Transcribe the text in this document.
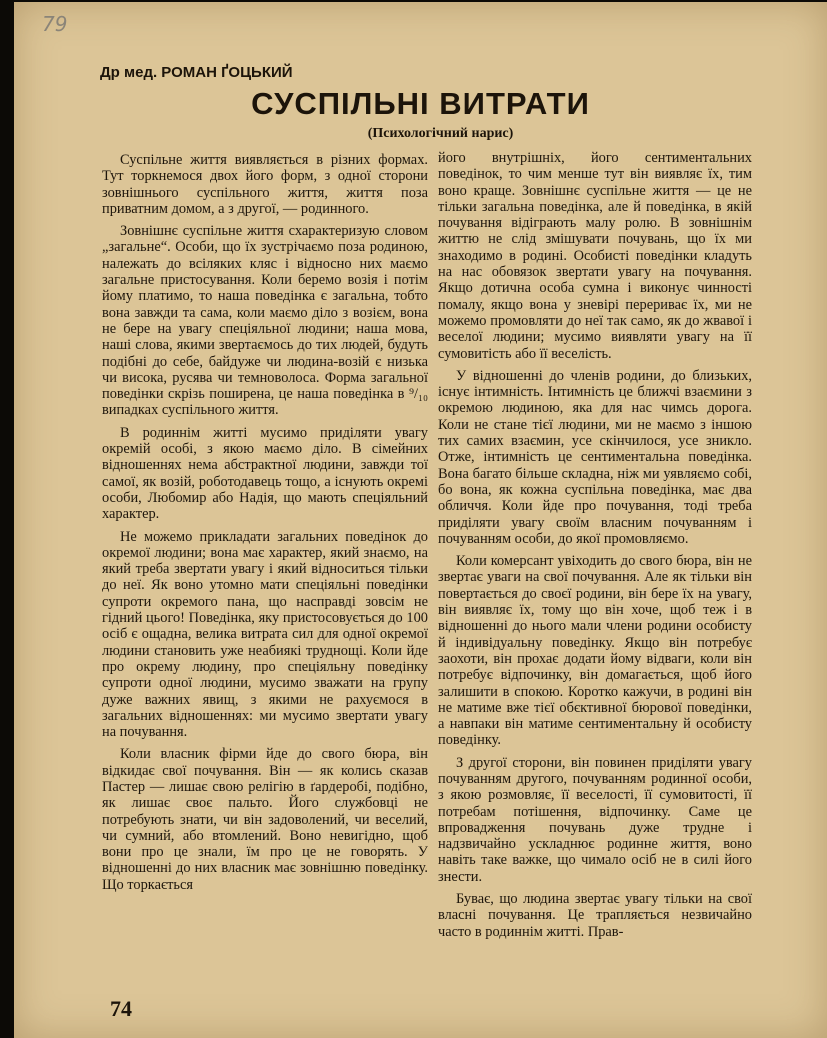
79
Др мед. РОМАН ҐОЦЬКИЙ
СУСПІЛЬНІ ВИТРАТИ
(Психологічний нарис)

Суспільне життя виявляється в різних формах. Тут торкнемося двох його форм, з одної сторони зовнішнього суспільного життя, життя поза приватним домом, а з другої, — родинного.

Зовнішнє суспільне життя схарактеризую словом „загальне“. Особи, що їх зустрічаємо поза родиною, належать до всіляких кляс і відносно них маємо загальне пристосування. Коли беремо возія і потім йому платимо, то наша поведінка є загальна, тобто вона завжди та сама, коли маємо діло з возієм, вона не бере на увагу спеціяльної людини; наша мова, наші слова, якими звертаємось до тих людей, будуть подібні до себе, байдуже чи людина-возій є низька чи висока, русява чи темноволоса. Форма загальної поведінки скрізь поширена, це наша поведінка в ⁹/₁₀ випадках суспільного життя.

В родиннім житті мусимо приділяти увагу окремій особі, з якою маємо діло. В сімейних відношеннях нема абстрактної людини, завжди тої самої, як возій, роботодавець тощо, а існують окремі особи, Любомир або Надія, що мають спеціяльний характер.

Не можемо прикладати загальних поведінок до окремої людини; вона має характер, який знаємо, на який треба звертати увагу і який відноситься тільки до неї. Як воно утомно мати спеціяльні поведінки супроти окремого пана, що насправді зовсім не гідний цього! Поведінка, яку пристосовується до 100 осіб є ощадна, велика витрата сил для одної окремої людини становить уже неабиякі труднощі. Коли йде про окрему людину, про спеціяльну поведінку супроти одної людини, мусимо зважати на групу дуже важних явищ, з якими не рахуємося в загальних відношеннях: ми мусимо звертати увагу на почування.

Коли власник фірми йде до свого бюра, він відкидає свої почування. Він — як колись сказав Пастер — лишає свою релігію в ґардеробі, подібно, як лишає своє пальто. Його службовці не потребують знати, чи він задоволений, чи веселий, чи сумний, або втомлений. Воно невигідно, щоб вони про це знали, їм про це не говорять. У відношенні до них власник має зовнішню поведінку. Що торкається

його внутрішніх, його сентиментальних поведінок, то чим менше тут він виявляє їх, тим воно краще. Зовнішнє суспільне життя — це не тільки загальна поведінка, але й поведінка, в якій почування відіграють малу ролю. В зовнішнім життю не слід змішувати почувань, що їх ми знаходимо в родині. Особисті поведінки кладуть на нас обовязок звертати увагу на почування. Якщо дотична особа сумна і виконує чинності помалу, якщо вона у зневірі перериває їх, ми не можемо промовляти до неї так само, як до жвавої і веселої людини; мусимо виявляти увагу на її сумовитість або її веселість.

У відношенні до членів родини, до близьких, існує інтимність. Інтимність це ближчі взаємини з окремою людиною, яка для нас чимсь дорога. Коли не стане тієї людини, ми не маємо з іншою тих самих взаємин, усе скінчилося, усе зникло. Отже, інтимність це сентиментальна поведінка. Вона багато більше складна, ніж ми уявляємо собі, бо вона, як кожна суспільна поведінка, має два обличчя. Коли йде про почування, тоді треба приділяти увагу своїм власним почуванням і почуванням особи, до якої промовляємо.

Коли комерсант увіходить до свого бюра, він не звертає уваги на свої почування. Але як тільки він повертається до своєї родини, він бере їх на увагу, він виявляє їх, тому що він хоче, щоб теж і в відношенні до нього мали члени родини особисту й індивідуальну поведінку. Якщо він потребує заохоти, він прохає додати йому відваги, коли він потребує відпочинку, він домагається, щоб його залишити в спокою. Коротко кажучи, в родині він не матиме вже тієї обєктивної бюрової поведінки, а навпаки він матиме сентиментальну й особисту поведінку.

З другої сторони, він повинен приділяти увагу почуванням другого, почуванням родинної особи, з якою розмовляє, її веселості, її сумовитості, її потребам потішення, відпочинку. Саме це впровадження почувань дуже трудне і надзвичайно ускладнює родинне життя, воно навіть таке важке, що чимало осіб не в силі його знести.

Буває, що людина звертає увагу тільки на свої власні почування. Це трапляється незвичайно часто в родиннім житті. Прав-

74
